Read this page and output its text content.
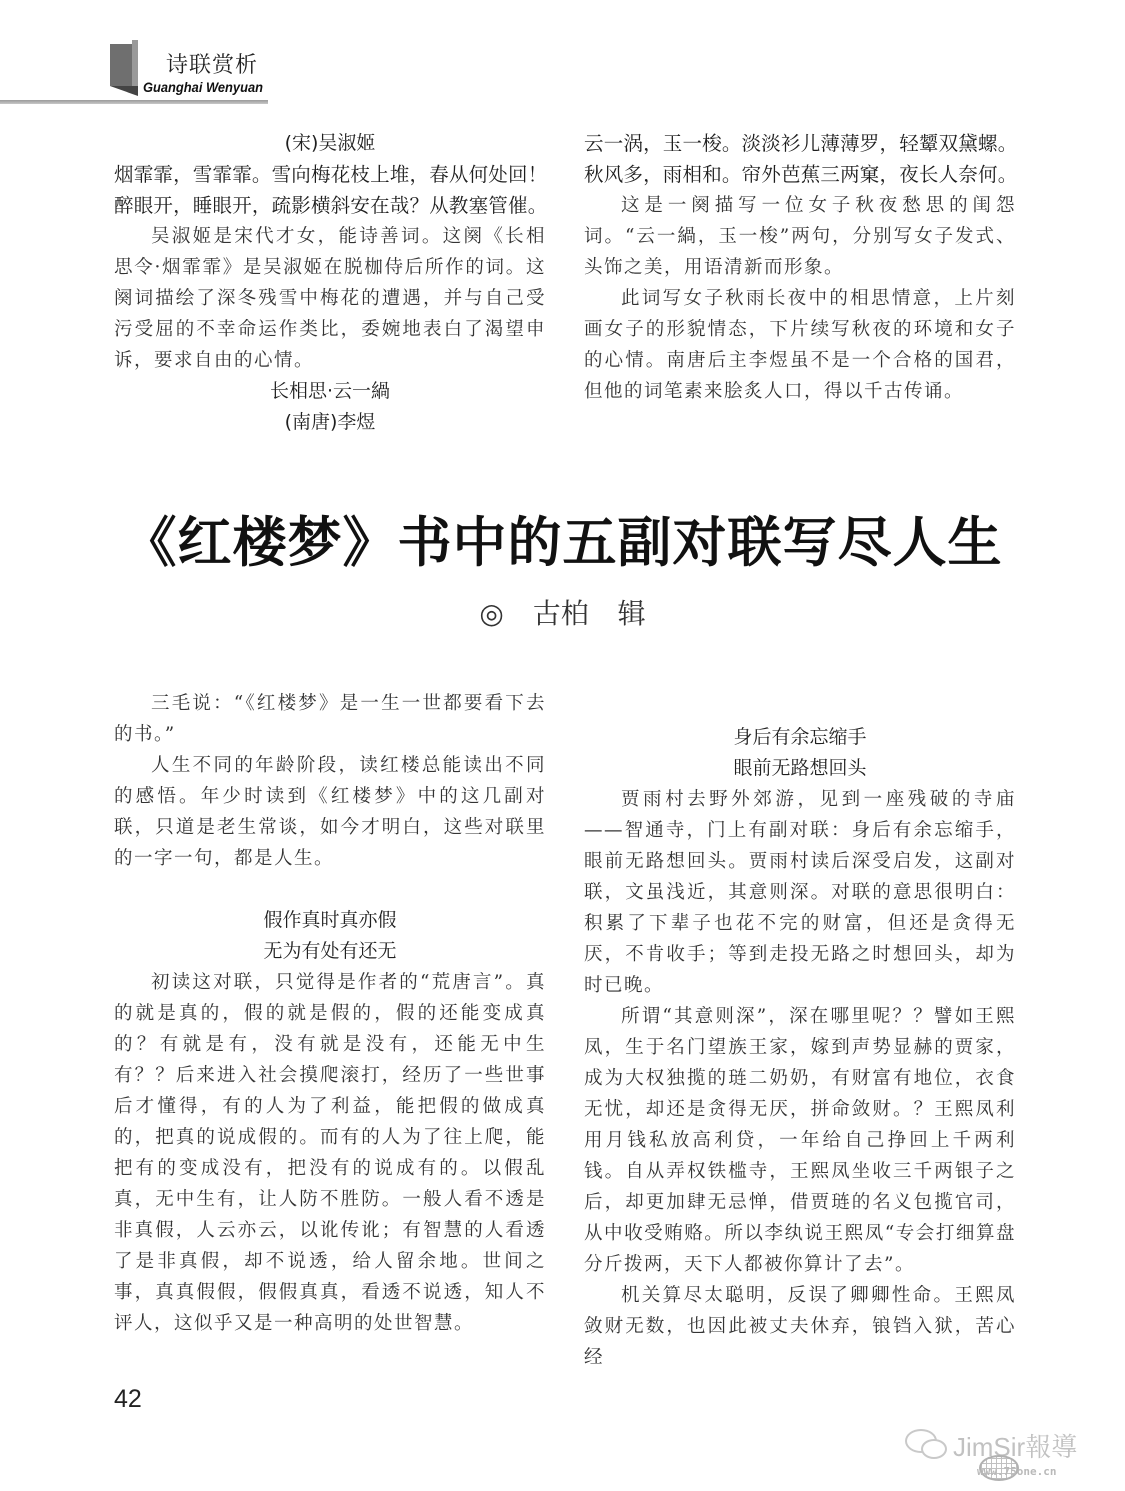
诗联赏析
Guanghai Wenyuan
(宋)吴淑姬
烟霏霏，雪霏霏。雪向梅花枝上堆，春从何处回！
醉眼开，睡眼开，疏影横斜安在哉？从教塞管催。

吴淑姬是宋代才女，能诗善词。这阕《长相思令·烟霏霏》是吴淑姬在脱枷侍后所作的词。这阕词描绘了深冬残雪中梅花的遭遇，并与自己受污受屈的不幸命运作类比，委婉地表白了渴望申诉，要求自由的心情。

长相思·云一緺
(南唐)李煜
云一涡，玉一梭。淡淡衫儿薄薄罗，轻颦双黛螺。
秋风多，雨相和。帘外芭蕉三两窠，夜长人奈何。

这是一阕描写一位女子秋夜愁思的闺怨词。“云一緺，玉一梭”两句，分别写女子发式、头饰之美，用语清新而形象。

此词写女子秋雨长夜中的相思情意，上片刻画女子的形貌情态，下片续写秋夜的环境和女子的心情。南唐后主李煜虽不是一个合格的国君，但他的词笔素来脍炙人口，得以千古传诵。

《红楼梦》书中的五副对联写尽人生
◎ 古柏 辑

三毛说：“《红楼梦》是一生一世都要看下去的书。”

人生不同的年龄阶段，读红楼总能读出不同的感悟。年少时读到《红楼梦》中的这几副对联，只道是老生常谈，如今才明白，这些对联里的一字一句，都是人生。

假作真时真亦假
无为有处有还无

初读这对联，只觉得是作者的“荒唐言”。真的就是真的，假的就是假的，假的还能变成真的？有就是有，没有就是没有，还能无中生有？？后来进入社会摸爬滚打，经历了一些世事后才懂得，有的人为了利益，能把假的做成真的，把真的说成假的。而有的人为了往上爬，能把有的变成没有，把没有的说成有的。以假乱真，无中生有，让人防不胜防。一般人看不透是非真假，人云亦云，以讹传讹；有智慧的人看透了是非真假，却不说透，给人留余地。世间之事，真真假假，假假真真，看透不说透，知人不评人，这似乎又是一种高明的处世智慧。

身后有余忘缩手
眼前无路想回头

贾雨村去野外郊游，见到一座残破的寺庙——智通寺，门上有副对联：身后有余忘缩手，眼前无路想回头。贾雨村读后深受启发，这副对联，文虽浅近，其意则深。对联的意思很明白：积累了下辈子也花不完的财富，但还是贪得无厌，不肯收手；等到走投无路之时想回头，却为时已晚。

所谓“其意则深”，深在哪里呢？？譬如王熙凤，生于名门望族王家，嫁到声势显赫的贾家，成为大权独揽的琏二奶奶，有财富有地位，衣食无忧，却还是贪得无厌，拼命敛财。？王熙凤利用月钱私放高利贷，一年给自己挣回上千两利钱。自从弄权铁槛寺，王熙凤坐收三千两银子之后，却更加肆无忌惮，借贾琏的名义包揽官司，从中收受贿赂。所以李纨说王熙凤“专会打细算盘分斤拨两，天下人都被你算计了去”。

机关算尽太聪明，反误了卿卿性命。王熙凤敛财无数，也因此被丈夫休弃，锒铛入狱，苦心经

42
JimSir報導
www.75one.cn
